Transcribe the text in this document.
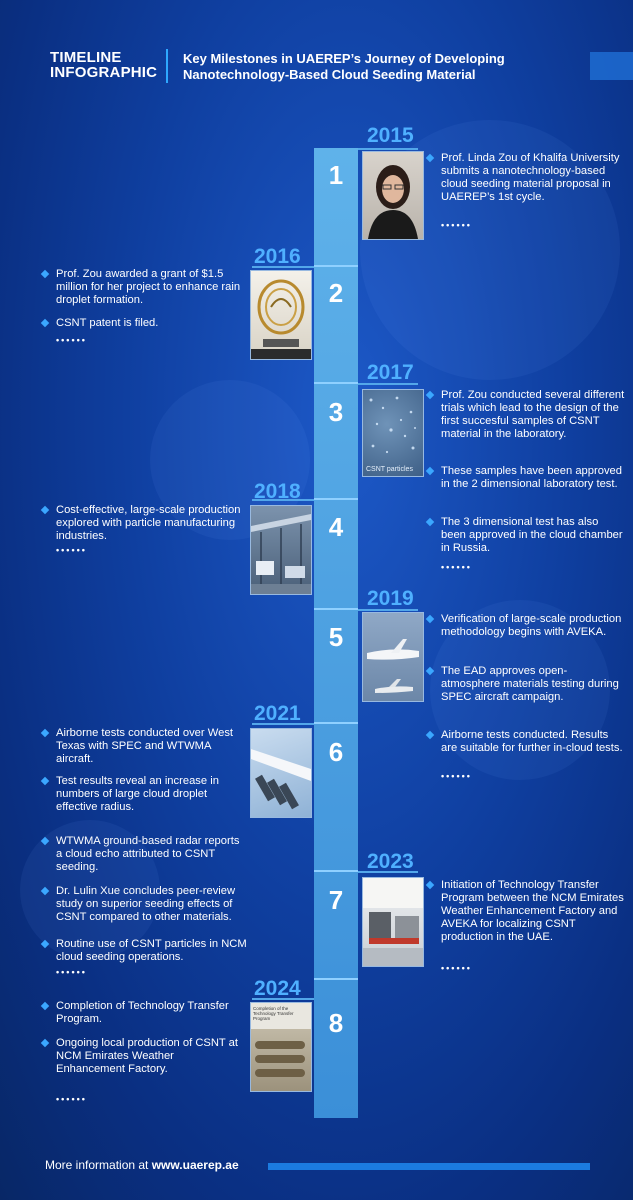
TIMELINE
INFOGRAPHIC
Key Milestones in UAEREP’s Journey of Developing
Nanotechnology-Based Cloud Seeding Material
1
2
3
4
5
6
7
8
2015
2016
2017
2018
2019
2021
2023
2024
CSNT particles
Completion of the Technology Transfer Program
Prof. Linda Zou of Khalifa University submits a nanotechnology-based cloud seeding material proposal in UAEREP’s 1st cycle.
••••••
Prof. Zou awarded a grant of $1.5 million for her project to enhance rain droplet formation.
CSNT patent is filed.
••••••
Prof. Zou conducted several different trials which lead to the design of the first succesful samples of CSNT material in the laboratory.
These samples have been approved in the 2 dimensional laboratory test.
The 3 dimensional test has also been approved in the cloud chamber in Russia.
••••••
Cost-effective, large-scale production explored with particle manufacturing industries.
••••••
Verification of large-scale production methodology begins with AVEKA.
The EAD approves open-atmosphere materials testing during SPEC aircraft campaign.
Airborne tests conducted. Results are suitable for further in-cloud tests.
••••••
Airborne tests conducted over West Texas with SPEC and WTWMA aircraft.
Test results reveal an increase in numbers of large cloud droplet effective radius.
WTWMA ground-based radar reports a cloud echo attributed to CSNT seeding.
Dr. Lulin Xue concludes peer-review study on superior seeding effects of CSNT compared to other materials.
Routine use of CSNT particles in NCM cloud seeding operations.
••••••
Initiation of Technology Transfer Program between the NCM Emirates Weather Enhancement Factory and AVEKA for localizing CSNT production in the UAE.
••••••
Completion of Technology Transfer Program.
Ongoing local production of CSNT at NCM Emirates Weather Enhancement Factory.
••••••
More information at www.uaerep.ae
